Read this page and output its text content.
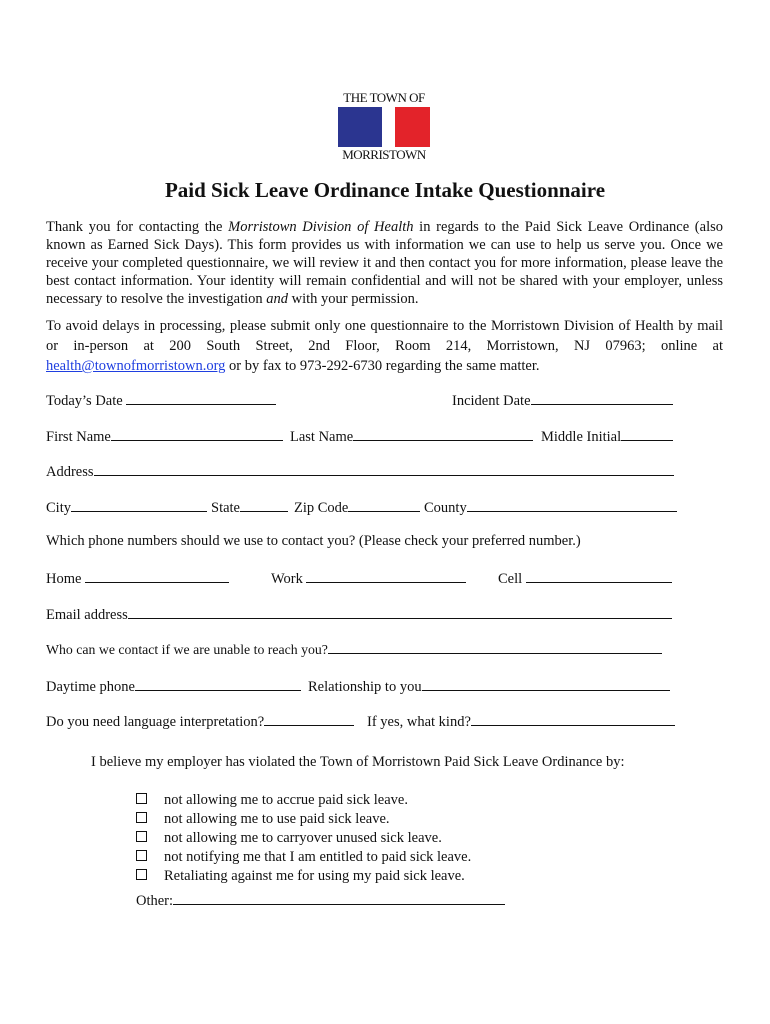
THE TOWN OF
MORRISTOWN
Paid Sick Leave Ordinance Intake Questionnaire

Thank you for contacting the Morristown Division of Health in regards to the Paid Sick Leave Ordinance (also known as Earned Sick Days). This form provides us with information we can use to help us serve you. Once we receive your completed questionnaire, we will review it and then contact you for more information, please leave the best contact information. Your identity will remain confidential and will not be shared with your employer, unless necessary to resolve the investigation and with your permission.

To avoid delays in processing, please submit only one questionnaire to the Morristown Division of Health by mail or in-person at 200 South Street, 2nd Floor, Room 214, Morristown, NJ 07963; online at health@townofmorristown.org or by fax to 973-292-6730 regarding the same matter.

Today’s Date	Incident Date
First Name	Last Name	Middle Initial
Address
City	State	Zip Code	County
Which phone numbers should we use to contact you? (Please check your preferred number.)
Home	Work	Cell
Email address
Who can we contact if we are unable to reach you?
Daytime phone	Relationship to you
Do you need language interpretation?	If yes, what kind?
I believe my employer has violated the Town of Morristown Paid Sick Leave Ordinance by:
not allowing me to accrue paid sick leave.
not allowing me to use paid sick leave.
not allowing me to carryover unused sick leave.
not notifying me that I am entitled to paid sick leave.
Retaliating against me for using my paid sick leave.
Other:
